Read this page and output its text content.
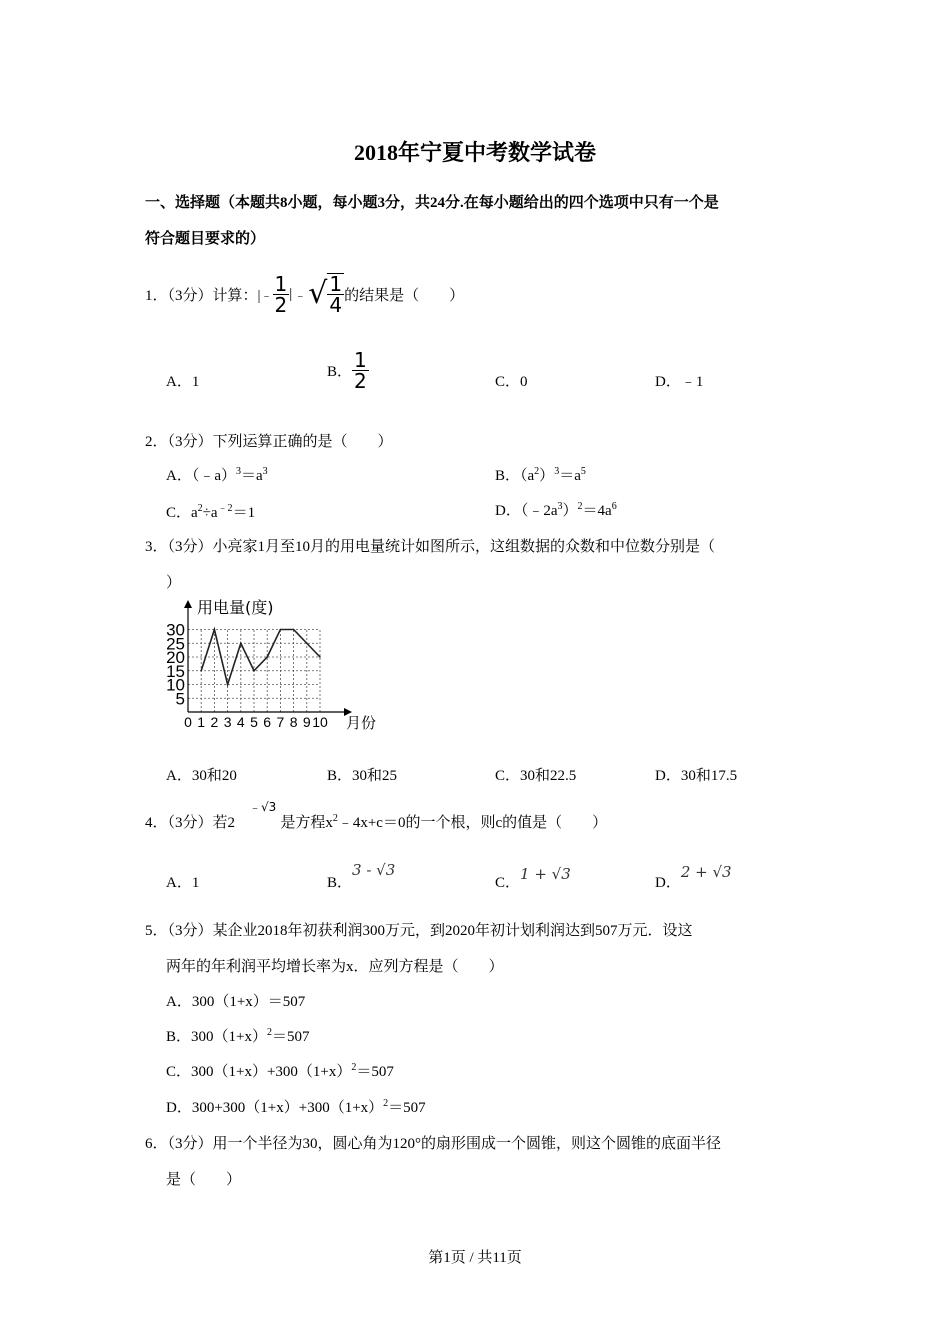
2018年宁夏中考数学试卷
一、选择题（本题共8小题，每小题3分，共24分.在每小题给出的四个选项中只有一个是
符合题目要求的）
1．（3分）计算：| ﹣ $\frac{1}{2}$ | ﹣ √ $\frac{1}{4}$ 的结果是（　　）
A．1
B． $\frac{1}{2}$	C．0	D．﹣1
2．（3分）下列运算正确的是（　　）
A．$(﹣a)^3=a^3$	B．$(a^2)^3=a^5$
C．$a^2\div a^{﹣2}=1$	D．$(﹣2a^3)^2=4a^6$
3．（3分）小亮家1月至10月的用电量统计如图所示，这组数据的众数和中位数分别是（
）
5
10
15
20
25
30
0 1 2 3 4 5 6 7 8 9 10
用电量(度)
月份
A．30和20	B．30和25	C．30和22.5	D．30和17.5
4．（3分）若$2^{﹣√3}$是方程$x^2﹣4x+c=0$的一个根，则c的值是（　　）
A．1	B．3 - √3
C．1 + √3	D．2 + √3
5．（3分）某企业2018年初获利润300万元，到2020年初计划利润达到507万元．设这
两年的年利润平均增长率为x．应列方程是（　　）
A．300（1+x）＝507
B．$300(1+x)^2=507$
C．$300(1+x)+300(1+x)^2=507$
D．$300+300(1+x)+300(1+x)^2=507$
6．（3分）用一个半径为30，圆心角为120°的扇形围成一个圆锥，则这个圆锥的底面半径
是（　　）
第1页 / 共11页
